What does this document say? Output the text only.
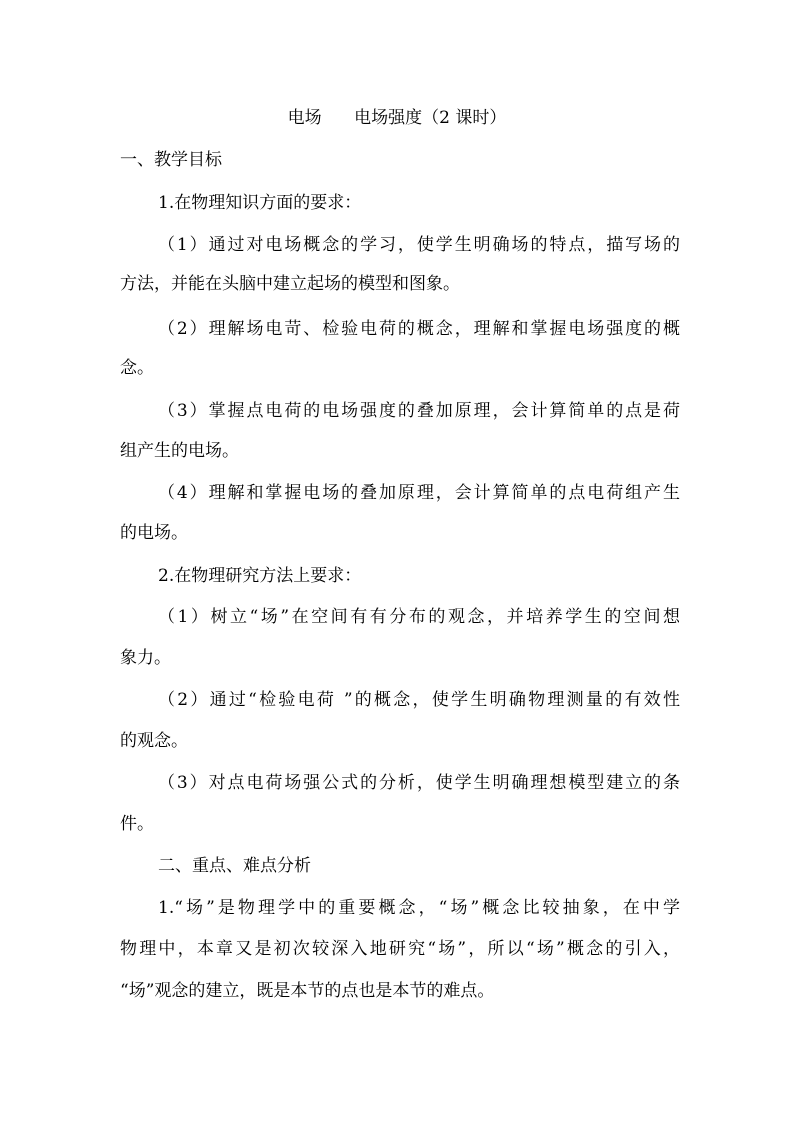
电场      电场强度（2 课时）
一、教学目标
1.在物理知识方面的要求：
（1）通过对电场概念的学习，使学生明确场的特点，描写场的
方法，并能在头脑中建立起场的模型和图象。
（2）理解场电苛、检验电荷的概念，理解和掌握电场强度的概
念。
（3）掌握点电荷的电场强度的叠加原理，会计算简单的点是荷
组产生的电场。
（4）理解和掌握电场的叠加原理，会计算简单的点电荷组产生
的电场。
2.在物理研究方法上要求：
（1）树立“场”在空间有有分布的观念，并培养学生的空间想
象力。
（2）通过“检验电荷 ”的概念，使学生明确物理测量的有效性
的观念。
（3）对点电荷场强公式的分析，使学生明确理想模型建立的条
件。
二、重点、难点分析
1.“场”是物理学中的重要概念，“场”概念比较抽象，在中学
物理中，本章又是初次较深入地研究“场”，所以“场”概念的引入，
“场”观念的建立，既是本节的点也是本节的难点。
